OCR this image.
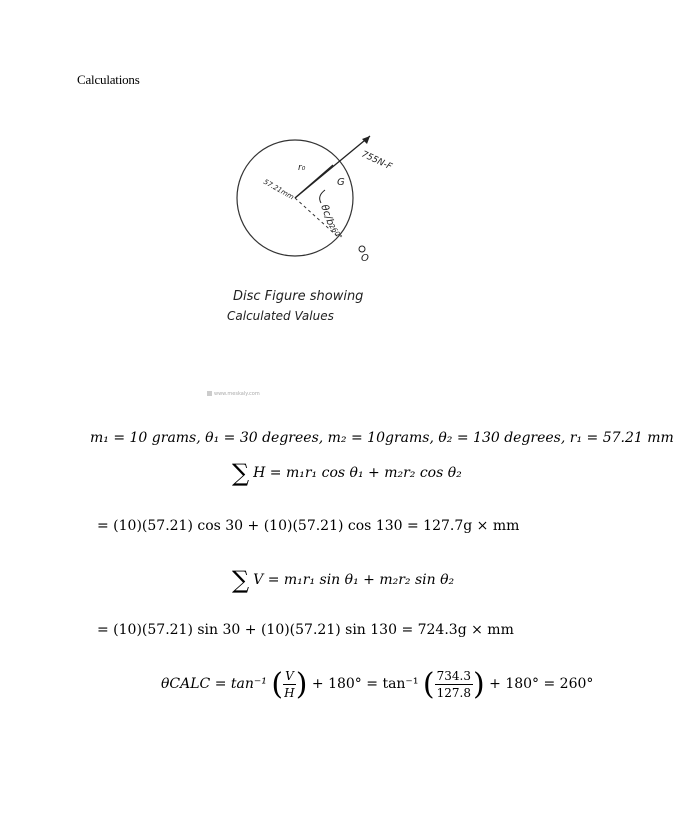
Calculations
755N-F
57.21mm
r₀
G
θc/b
260°
O
Disc Figure showing
Calculated Values
www.meskaly.com
m₁ = 10 grams, θ₁ = 30 degrees, m₂ = 10grams, θ₂ = 130 degrees, r₁ = 57.21 mm
∑ H = m₁r₁ cos θ₁ + m₂r₂ cos θ₂
= (10)(57.21) cos 30 + (10)(57.21) cos 130 = 127.7g × mm
∑ V = m₁r₁ sin θ₁ + m₂r₂ sin θ₂
= (10)(57.21) sin 30 + (10)(57.21) sin 130 = 724.3g × mm
θCALC = tan⁻¹ ( $\frac{V}{H}$ ) + 180° = tan⁻¹ ( $\frac{734.3}{127.8}$ ) + 180° = 260°
